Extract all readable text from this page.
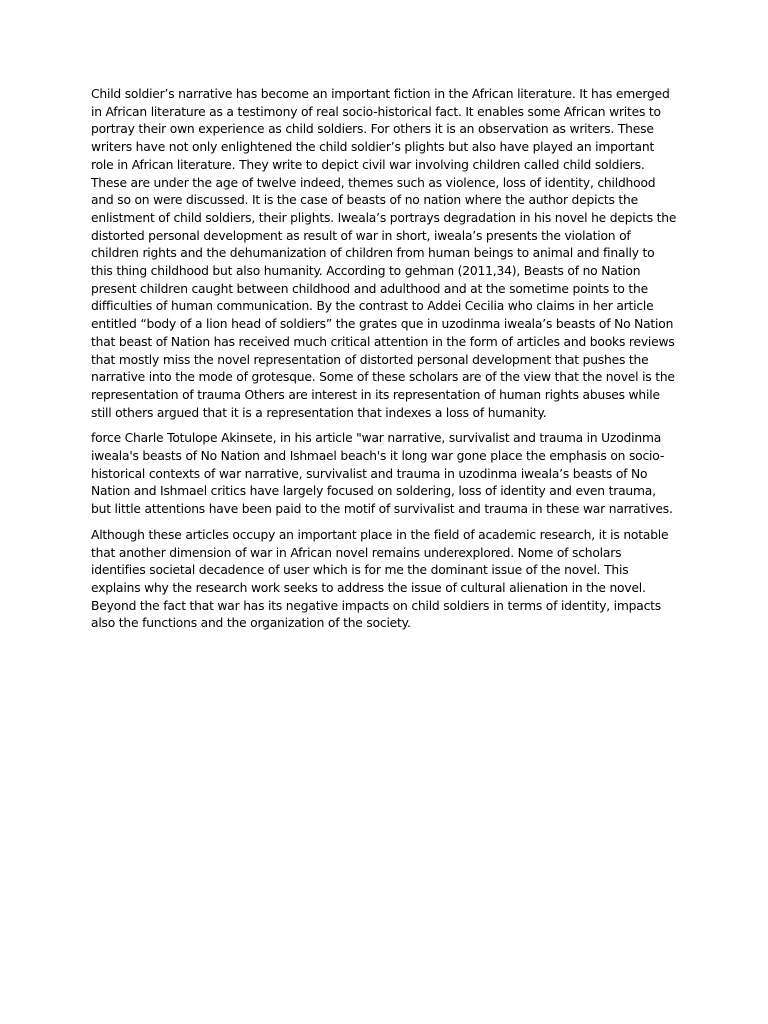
Child soldier’s narrative has become an important fiction in the African literature. It has emerged in African literature as a testimony of real socio-historical fact. It enables some African writes to portray their own experience as child soldiers. For others it is an observation as writers. These writers have not only enlightened the child soldier’s plights but also have played an important role in African literature. They write to depict civil war involving children called child soldiers. These are under the age of twelve indeed, themes such as violence, loss of identity, childhood and so on were discussed. It is the case of beasts of no nation where the author depicts the enlistment of child soldiers, their plights. Iweala’s portrays degradation in his novel he depicts the distorted personal development as result of war in short, iweala’s presents the violation of children rights and the dehumanization of children from human beings to animal and finally to this thing childhood but also humanity. According to gehman (2011,34), Beasts of no Nation present children caught between childhood and adulthood and at the sometime points to the difficulties of human communication. By the contrast to Addei Cecilia who claims in her article entitled “body of a lion head of soldiers” the grates que in uzodinma iweala’s beasts of No Nation that beast of Nation has received much critical attention in the form of articles and books reviews that mostly miss the novel representation of distorted personal development that pushes the narrative into the mode of grotesque. Some of these scholars are of the view that the novel is the representation of trauma Others are interest in its representation of human rights abuses while still others argued that it is a representation that indexes a loss of humanity.

force Charle Totulope Akinsete, in his article "war narrative, survivalist and trauma in Uzodinma iweala's beasts of No Nation and Ishmael beach's it long war gone place the emphasis on socio-historical contexts of war narrative, survivalist and trauma in uzodinma iweala’s beasts of No Nation and Ishmael critics have largely focused on soldering, loss of identity and even trauma, but little attentions have been paid to the motif of survivalist and trauma in these war narratives.

Although these articles occupy an important place in the field of academic research, it is notable that another dimension of war in African novel remains underexplored. Nome of scholars identifies societal decadence of user which is for me the dominant issue of the novel. This explains why the research work seeks to address the issue of cultural alienation in the novel. Beyond the fact that war has its negative impacts on child soldiers in terms of identity, impacts also the functions and the organization of the society.
